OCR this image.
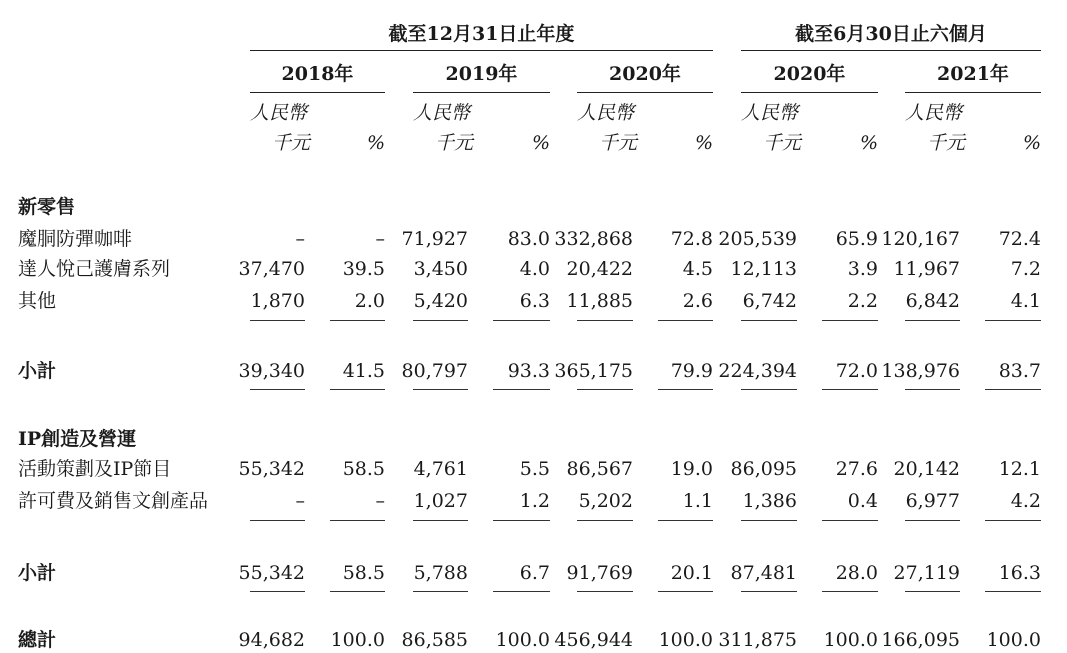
截至12月31日止年度	截至6月30日止六個月
2018年
人民幣
千元	%
2019年
人民幣
千元	%
2020年
人民幣
千元	%
2020年
人民幣
千元	%
2021年
人民幣
千元	%
新零售
魔胴防彈咖啡	–	– 71,927	83.0 332,868	72.8 205,539	65.9 120,167	72.4
達人悅己護膚系列	37,470	39.5	3,450	4.0 20,422	4.5 12,113	3.9 11,967	7.2
其他	1,870	2.0	5,420	6.3 11,885	2.6	6,742	2.2	6,842	4.1
小計	39,340	41.5 80,797	93.3 365,175	79.9 224,394	72.0 138,976	83.7
IP創造及營運
活動策劃及IP節目	55,342	58.5	4,761	5.5 86,567	19.0 86,095	27.6 20,142	12.1
許可費及銷售文創產品	–	–	1,027	1.2	5,202	1.1	1,386	0.4	6,977	4.2
小計	55,342	58.5	5,788	6.7 91,769	20.1 87,481	28.0 27,119	16.3
總計	94,682	100.0 86,585	100.0 456,944	100.0 311,875	100.0 166,095	100.0
